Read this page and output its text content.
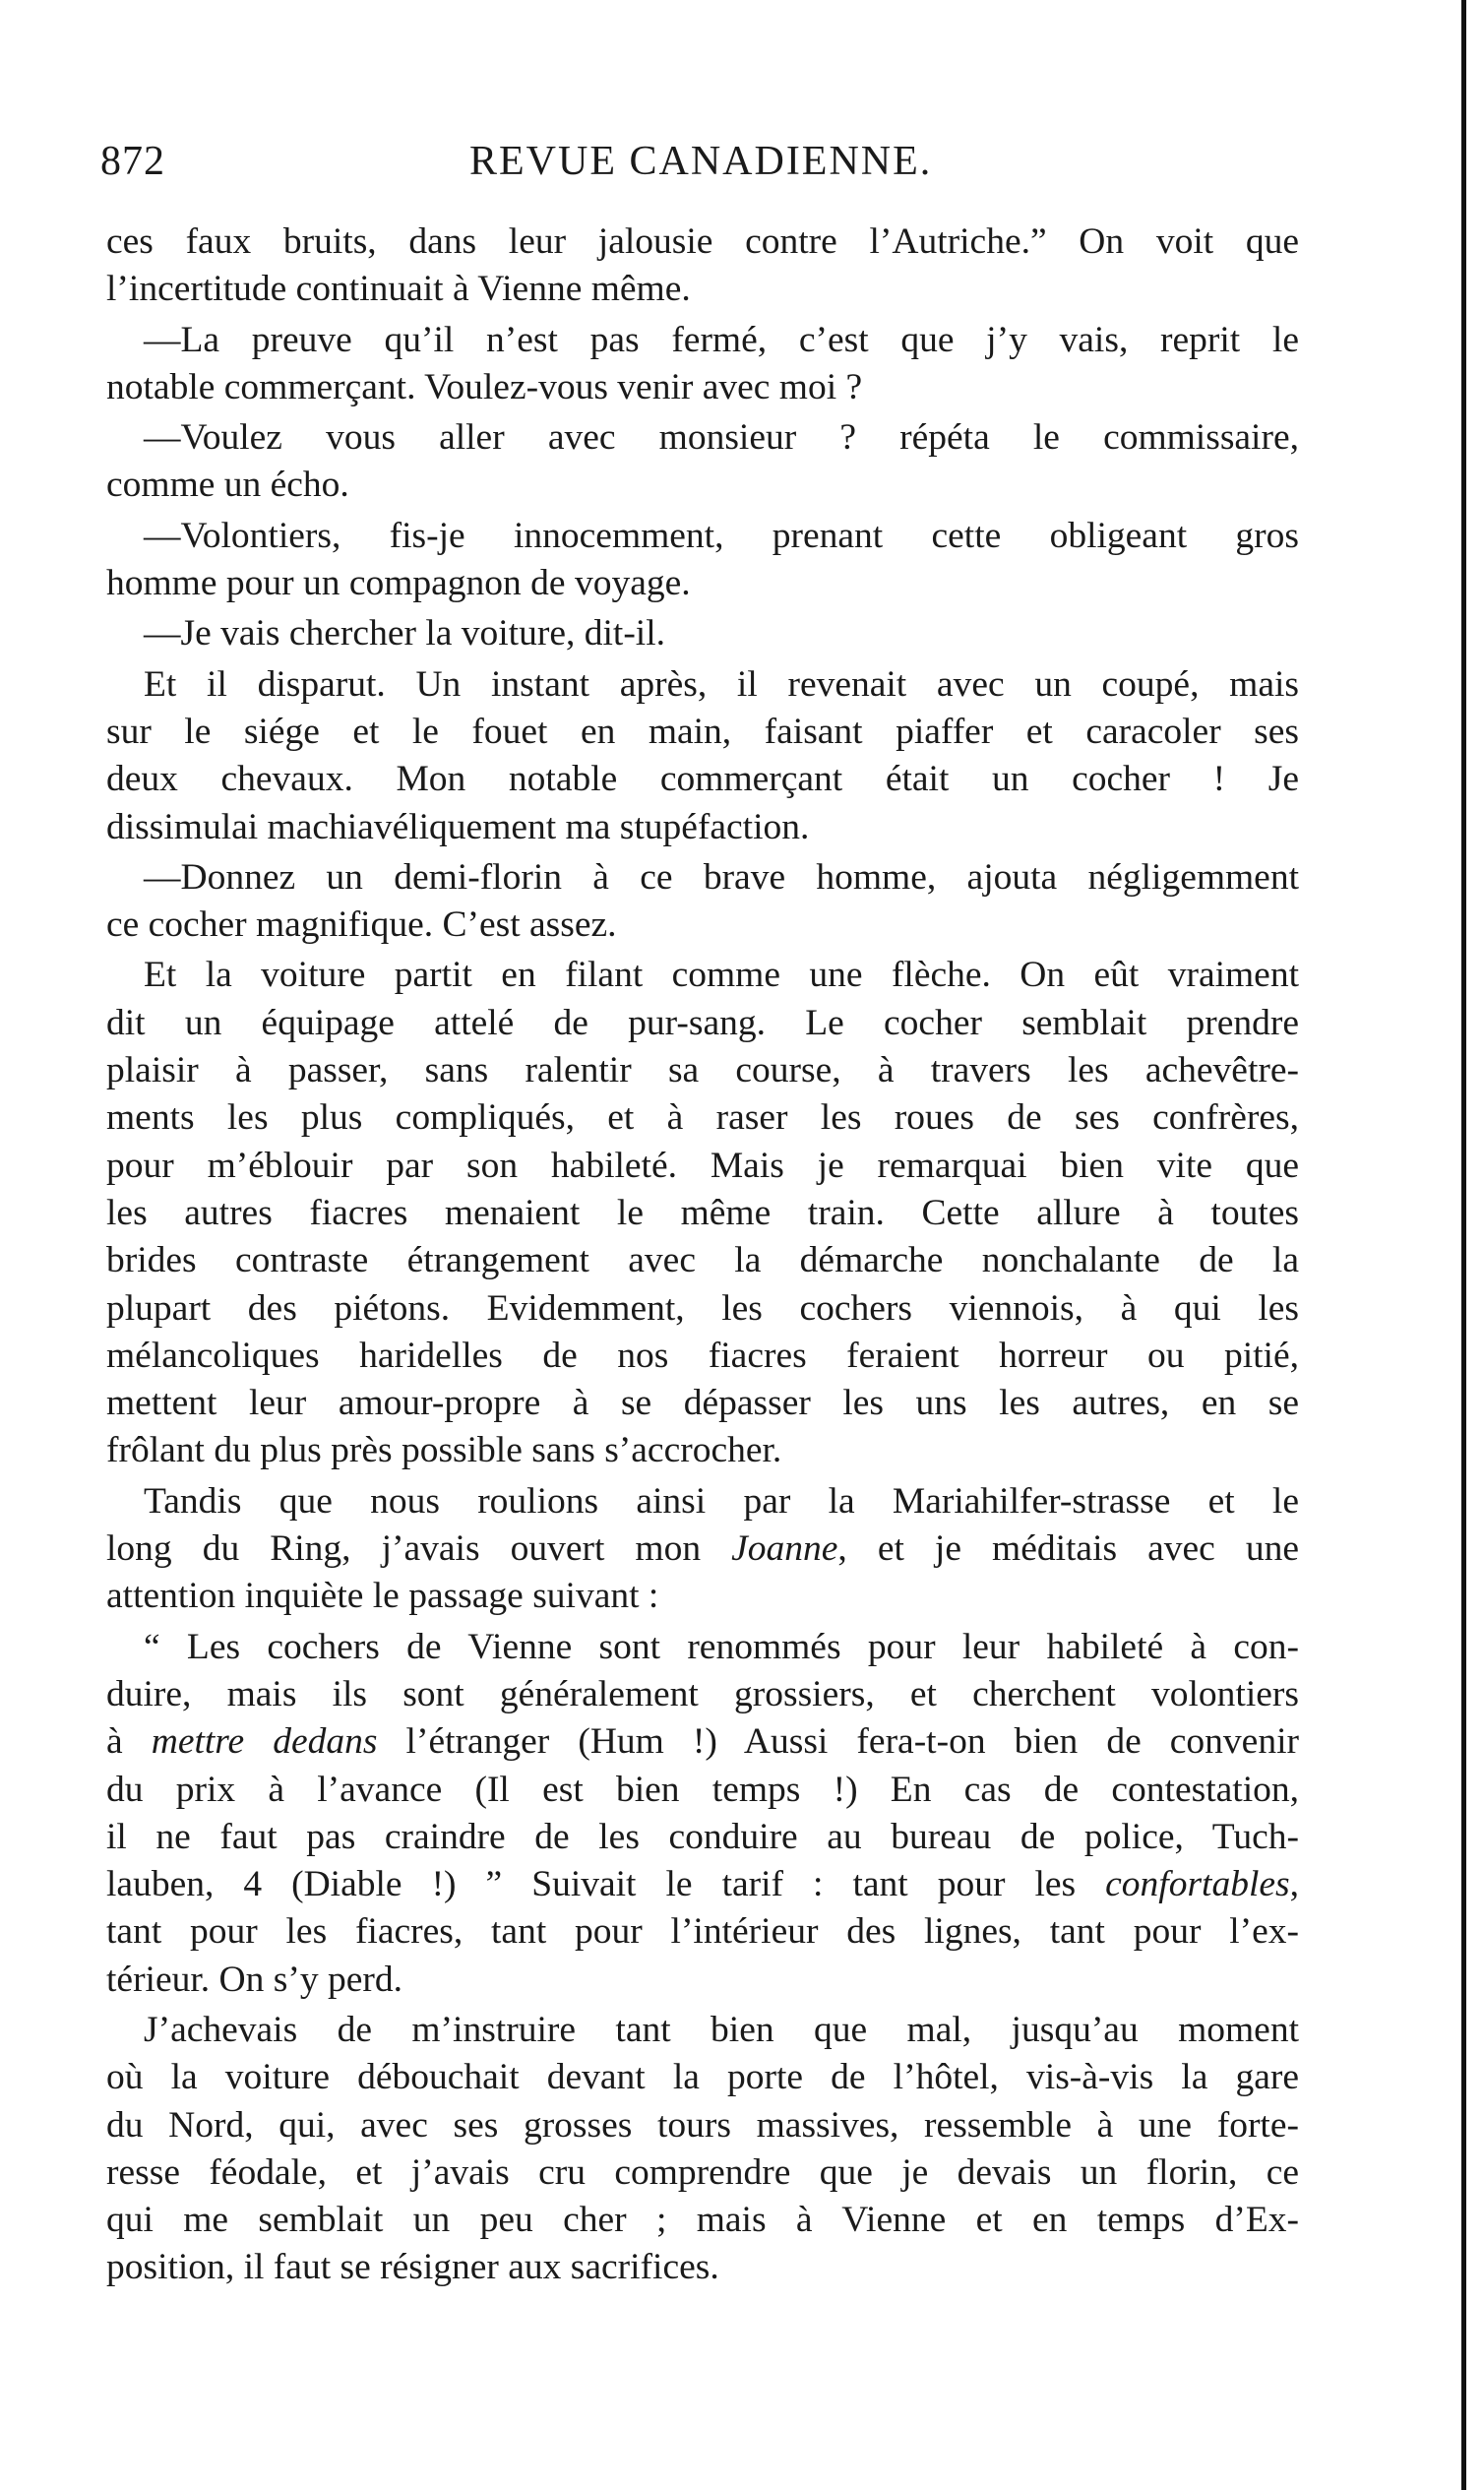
872	REVUE CANADIENNE.
ces faux bruits, dans leur jalousie contre l’Autriche.” On voit que
l’incertitude continuait à Vienne même.
—La preuve qu’il n’est pas fermé, c’est que j’y vais, reprit le
notable commerçant. Voulez-vous venir avec moi ?
—Voulez vous aller avec monsieur ? répéta le commissaire,
comme un écho.
—Volontiers, fis-je innocemment, prenant cette obligeant gros
homme pour un compagnon de voyage.
—Je vais chercher la voiture, dit-il.
Et il disparut. Un instant après, il revenait avec un coupé, mais
sur le siége et le fouet en main, faisant piaffer et caracoler ses
deux chevaux. Mon notable commerçant était un cocher ! Je
dissimulai machiavéliquement ma stupéfaction.
—Donnez un demi-florin à ce brave homme, ajouta négligemment
ce cocher magnifique. C’est assez.
Et la voiture partit en filant comme une flèche. On eût vraiment
dit un équipage attelé de pur-sang. Le cocher semblait prendre
plaisir à passer, sans ralentir sa course, à travers les achevêtre-
ments les plus compliqués, et à raser les roues de ses confrères,
pour m’éblouir par son habileté. Mais je remarquai bien vite que
les autres fiacres menaient le même train. Cette allure à toutes
brides contraste étrangement avec la démarche nonchalante de la
plupart des piétons. Evidemment, les cochers viennois, à qui les
mélancoliques haridelles de nos fiacres feraient horreur ou pitié,
mettent leur amour-propre à se dépasser les uns les autres, en se
frôlant du plus près possible sans s’accrocher.
Tandis que nous roulions ainsi par la Mariahilfer-strasse et le
long du Ring, j’avais ouvert mon Joanne, et je méditais avec une
attention inquiète le passage suivant :
“ Les cochers de Vienne sont renommés pour leur habileté à con-
duire, mais ils sont généralement grossiers, et cherchent volontiers
à mettre dedans l’étranger (Hum !) Aussi fera-t-on bien de convenir
du prix à l’avance (Il est bien temps !) En cas de contestation,
il ne faut pas craindre de les conduire au bureau de police, Tuch-
lauben, 4 (Diable !) ” Suivait le tarif : tant pour les confortables,
tant pour les fiacres, tant pour l’intérieur des lignes, tant pour l’ex-
térieur. On s’y perd.
J’achevais de m’instruire tant bien que mal, jusqu’au moment
où la voiture débouchait devant la porte de l’hôtel, vis-à-vis la gare
du Nord, qui, avec ses grosses tours massives, ressemble à une forte-
resse féodale, et j’avais cru comprendre que je devais un florin, ce
qui me semblait un peu cher ; mais à Vienne et en temps d’Ex-
position, il faut se résigner aux sacrifices.
